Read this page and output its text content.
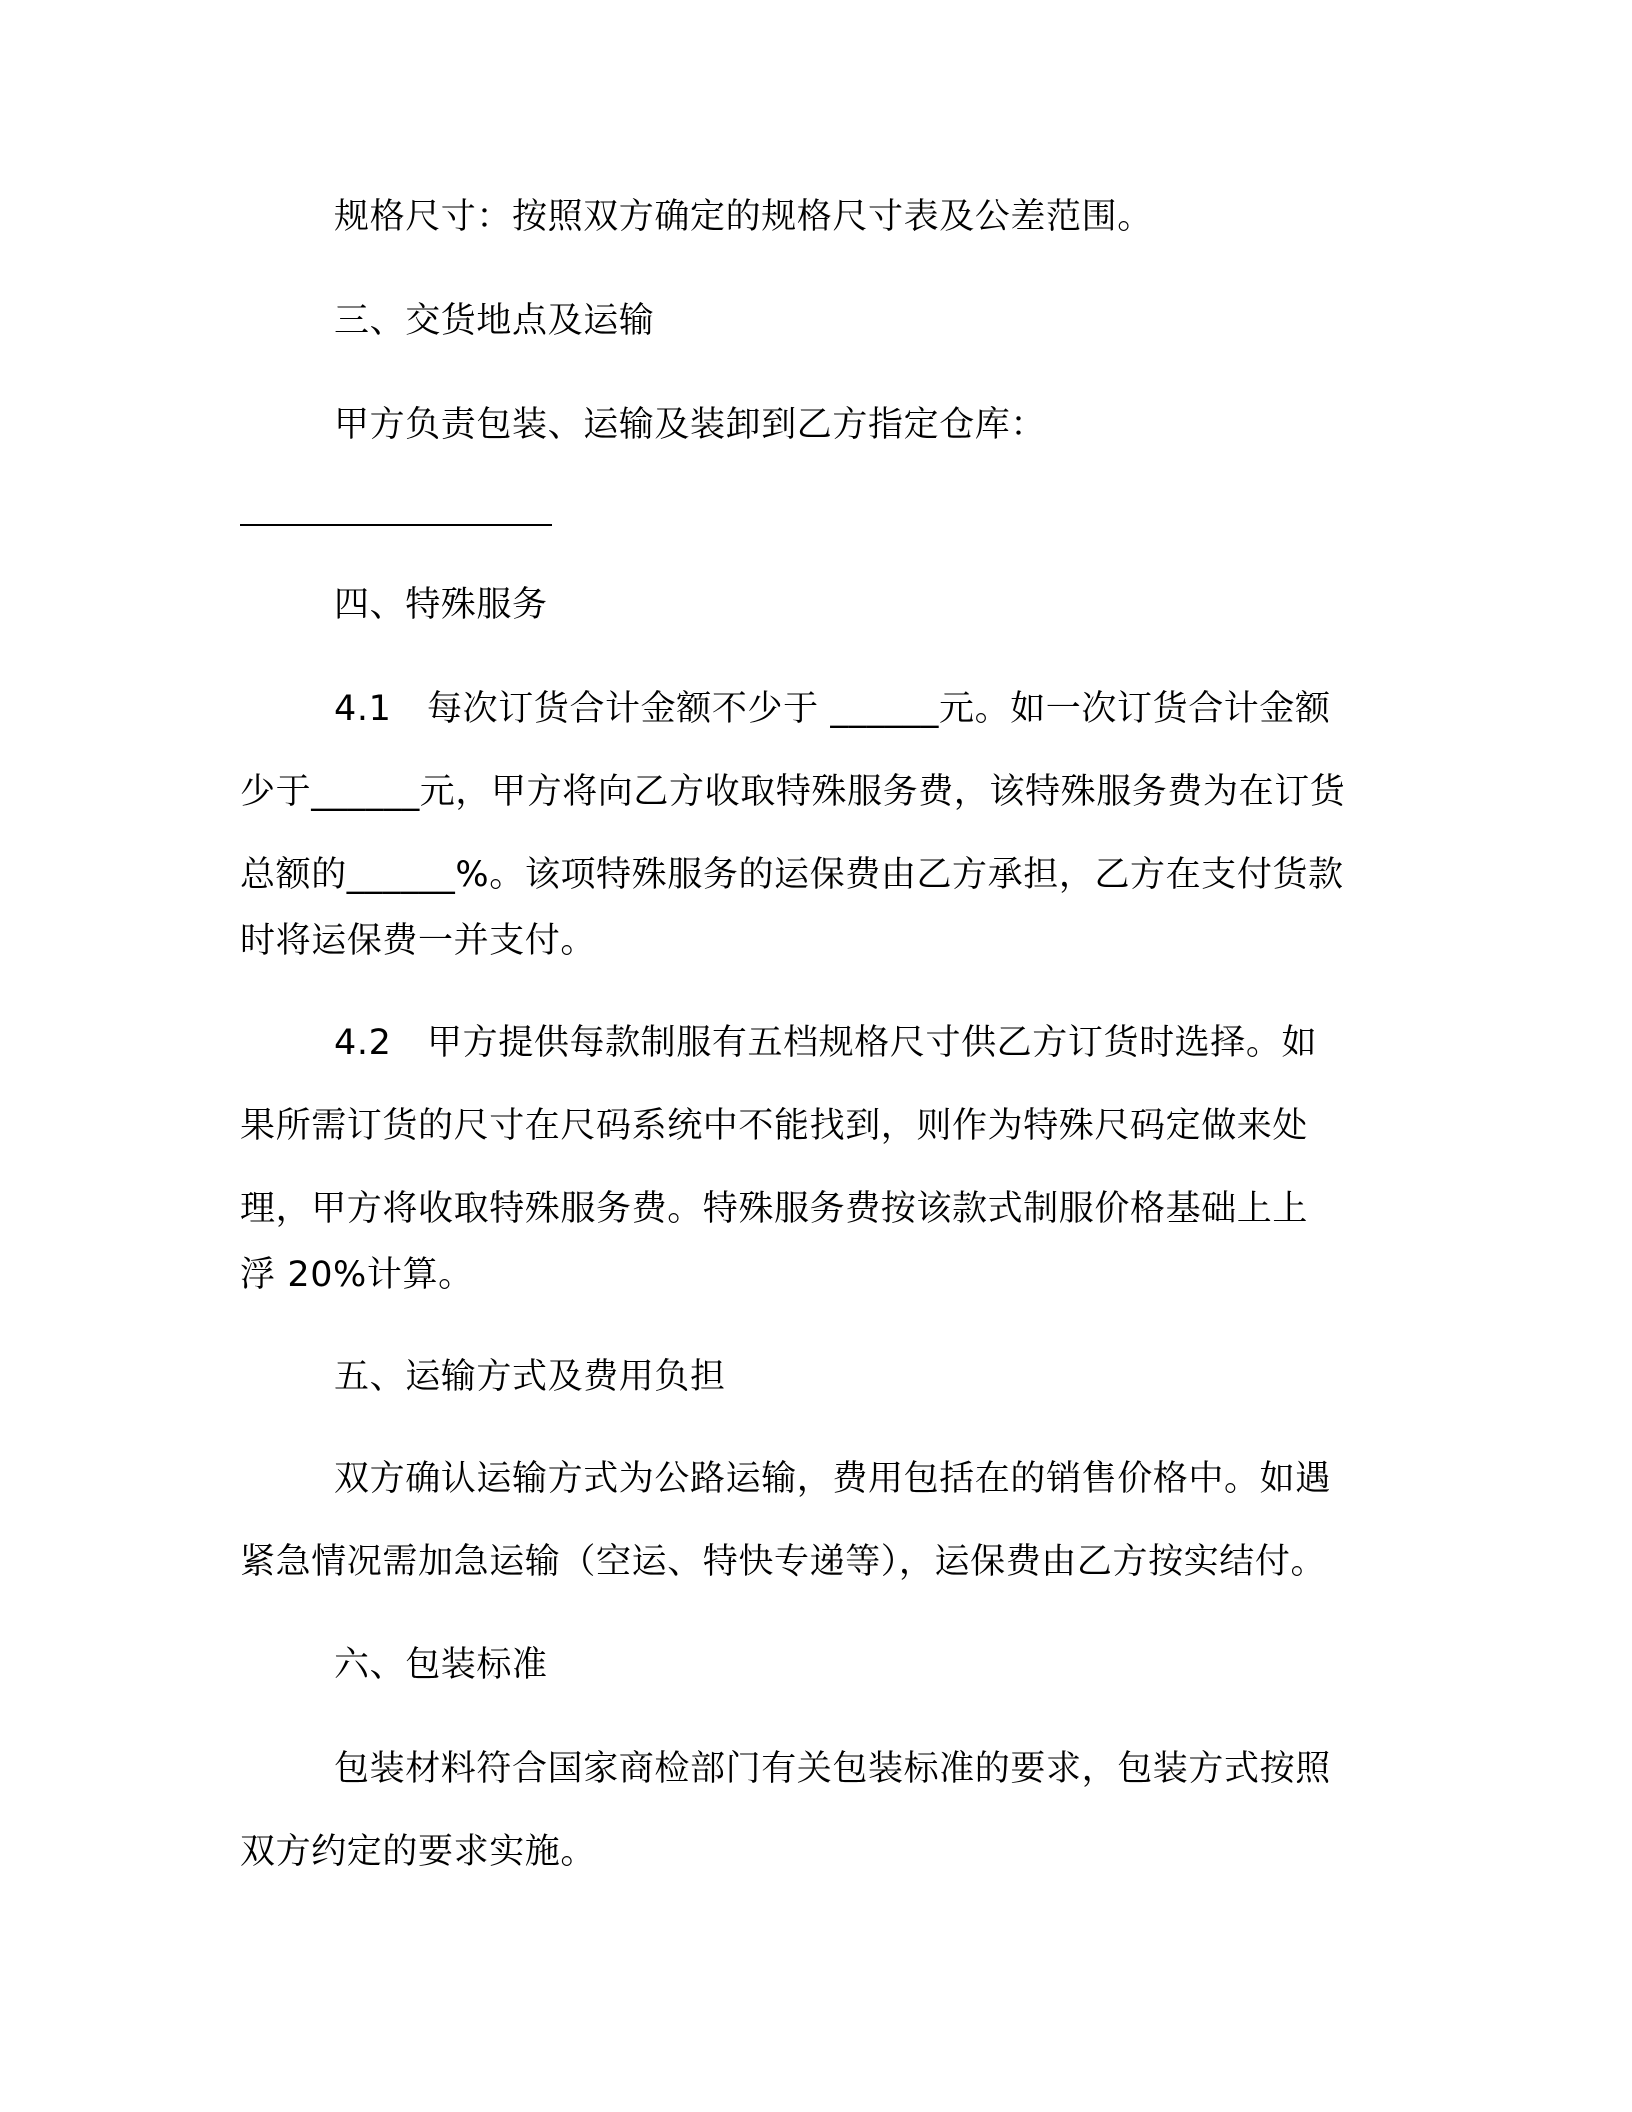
规格尺寸：按照双方确定的规格尺寸表及公差范围。
三、交货地点及运输
甲方负责包装、运输及装卸到乙方指定仓库：
四、特殊服务
4.1　每次订货合计金额不少于 ______元。如一次订货合计金额
少于______元，甲方将向乙方收取特殊服务费，该特殊服务费为在订货
总额的______%。该项特殊服务的运保费由乙方承担，乙方在支付货款
时将运保费一并支付。
4.2　甲方提供每款制服有五档规格尺寸供乙方订货时选择。如
果所需订货的尺寸在尺码系统中不能找到，则作为特殊尺码定做来处
理，甲方将收取特殊服务费。特殊服务费按该款式制服价格基础上上
浮 20%计算。
五、运输方式及费用负担
双方确认运输方式为公路运输，费用包括在的销售价格中。如遇
紧急情况需加急运输（空运、特快专递等），运保费由乙方按实结付。
六、包装标准
包装材料符合国家商检部门有关包装标准的要求，包装方式按照
双方约定的要求实施。
